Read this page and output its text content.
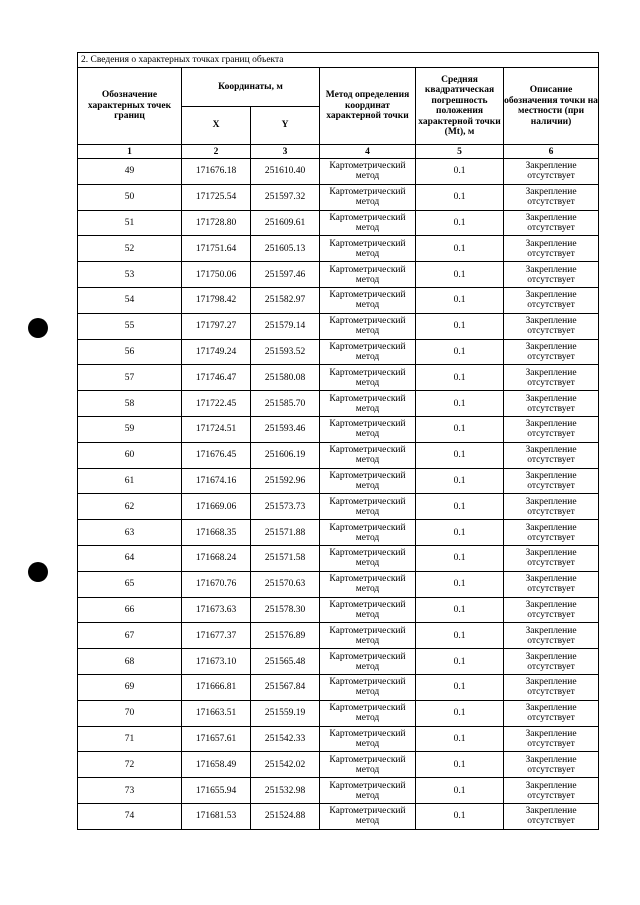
2. Сведения о характерных точках границ объекта					
Обозначение характерных точек границ	Координаты, м		Метод определения координат характерной точки	Средняя квадратическая погрешность положения характерной точки (Mt), м	Описание обозначения точки на местности (при наличии)
	X	Y			
1	2	3	4	5	6
49	171676.18	251610.40	Картометрический метод	0.1	Закрепление отсутствует
50	171725.54	251597.32	Картометрический метод	0.1	Закрепление отсутствует
51	171728.80	251609.61	Картометрический метод	0.1	Закрепление отсутствует
52	171751.64	251605.13	Картометрический метод	0.1	Закрепление отсутствует
53	171750.06	251597.46	Картометрический метод	0.1	Закрепление отсутствует
54	171798.42	251582.97	Картометрический метод	0.1	Закрепление отсутствует
55	171797.27	251579.14	Картометрический метод	0.1	Закрепление отсутствует
56	171749.24	251593.52	Картометрический метод	0.1	Закрепление отсутствует
57	171746.47	251580.08	Картометрический метод	0.1	Закрепление отсутствует
58	171722.45	251585.70	Картометрический метод	0.1	Закрепление отсутствует
59	171724.51	251593.46	Картометрический метод	0.1	Закрепление отсутствует
60	171676.45	251606.19	Картометрический метод	0.1	Закрепление отсутствует
61	171674.16	251592.96	Картометрический метод	0.1	Закрепление отсутствует
62	171669.06	251573.73	Картометрический метод	0.1	Закрепление отсутствует
63	171668.35	251571.88	Картометрический метод	0.1	Закрепление отсутствует
64	171668.24	251571.58	Картометрический метод	0.1	Закрепление отсутствует
65	171670.76	251570.63	Картометрический метод	0.1	Закрепление отсутствует
66	171673.63	251578.30	Картометрический метод	0.1	Закрепление отсутствует
67	171677.37	251576.89	Картометрический метод	0.1	Закрепление отсутствует
68	171673.10	251565.48	Картометрический метод	0.1	Закрепление отсутствует
69	171666.81	251567.84	Картометрический метод	0.1	Закрепление отсутствует
70	171663.51	251559.19	Картометрический метод	0.1	Закрепление отсутствует
71	171657.61	251542.33	Картометрический метод	0.1	Закрепление отсутствует
72	171658.49	251542.02	Картометрический метод	0.1	Закрепление отсутствует
73	171655.94	251532.98	Картометрический метод	0.1	Закрепление отсутствует
74	171681.53	251524.88	Картометрический метод	0.1	Закрепление отсутствует
